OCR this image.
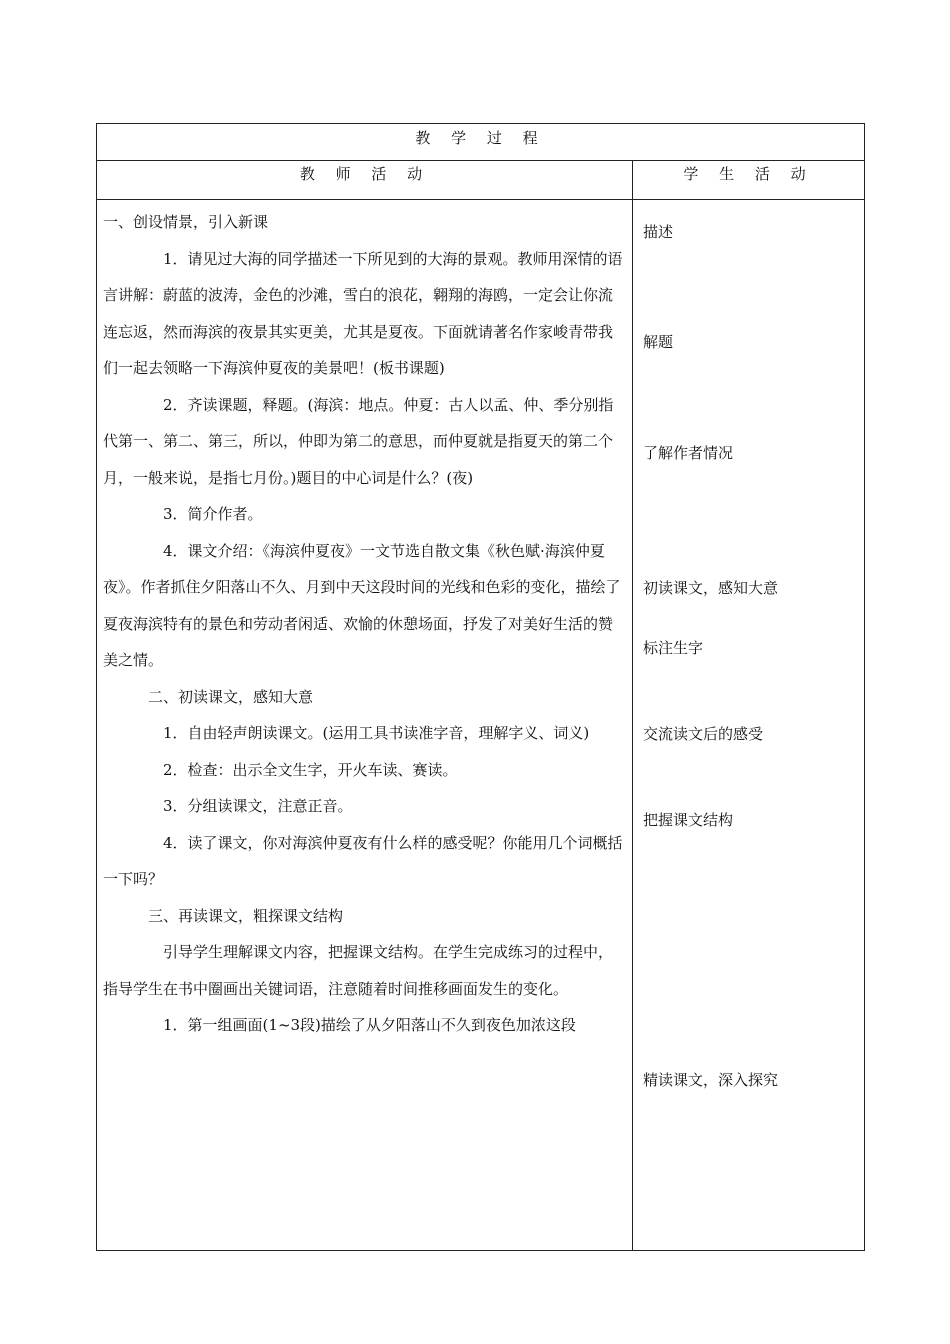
教 学 过 程
教 师 活 动	学 生 活 动

一、创设情景，引入新课

1．请见过大海的同学描述一下所见到的大海的景观。教师用深情的语言讲解：蔚蓝的波涛，金色的沙滩，雪白的浪花，翱翔的海鸥，一定会让你流连忘返，然而海滨的夜景其实更美，尤其是夏夜。下面就请著名作家峻青带我们一起去领略一下海滨仲夏夜的美景吧！(板书课题)

2．齐读课题，释题。(海滨：地点。仲夏：古人以孟、仲、季分别指代第一、第二、第三，所以，仲即为第二的意思，而仲夏就是指夏天的第二个月，一般来说，是指七月份。)题目的中心词是什么？(夜)

3．简介作者。

4．课文介绍：《海滨仲夏夜》一文节选自散文集《秋色赋·海滨仲夏夜》。作者抓住夕阳落山不久、月到中天这段时间的光线和色彩的变化，描绘了夏夜海滨特有的景色和劳动者闲适、欢愉的休憩场面，抒发了对美好生活的赞美之情。

二、初读课文，感知大意

1．自由轻声朗读课文。(运用工具书读准字音，理解字义、词义)

2．检查：出示全文生字，开火车读、赛读。

3．分组读课文，注意正音。

4．读了课文，你对海滨仲夏夜有什么样的感受呢？你能用几个词概括一下吗？

三、再读课文，粗探课文结构

引导学生理解课文内容，把握课文结构。在学生完成练习的过程中，指导学生在书中圈画出关键词语，注意随着时间推移画面发生的变化。

1．第一组画面(1~3段)描绘了从夕阳落山不久到夜色加浓这段

描述
解题
了解作者情况
初读课文，感知大意
标注生字
交流读文后的感受
把握课文结构
精读课文，深入探究
